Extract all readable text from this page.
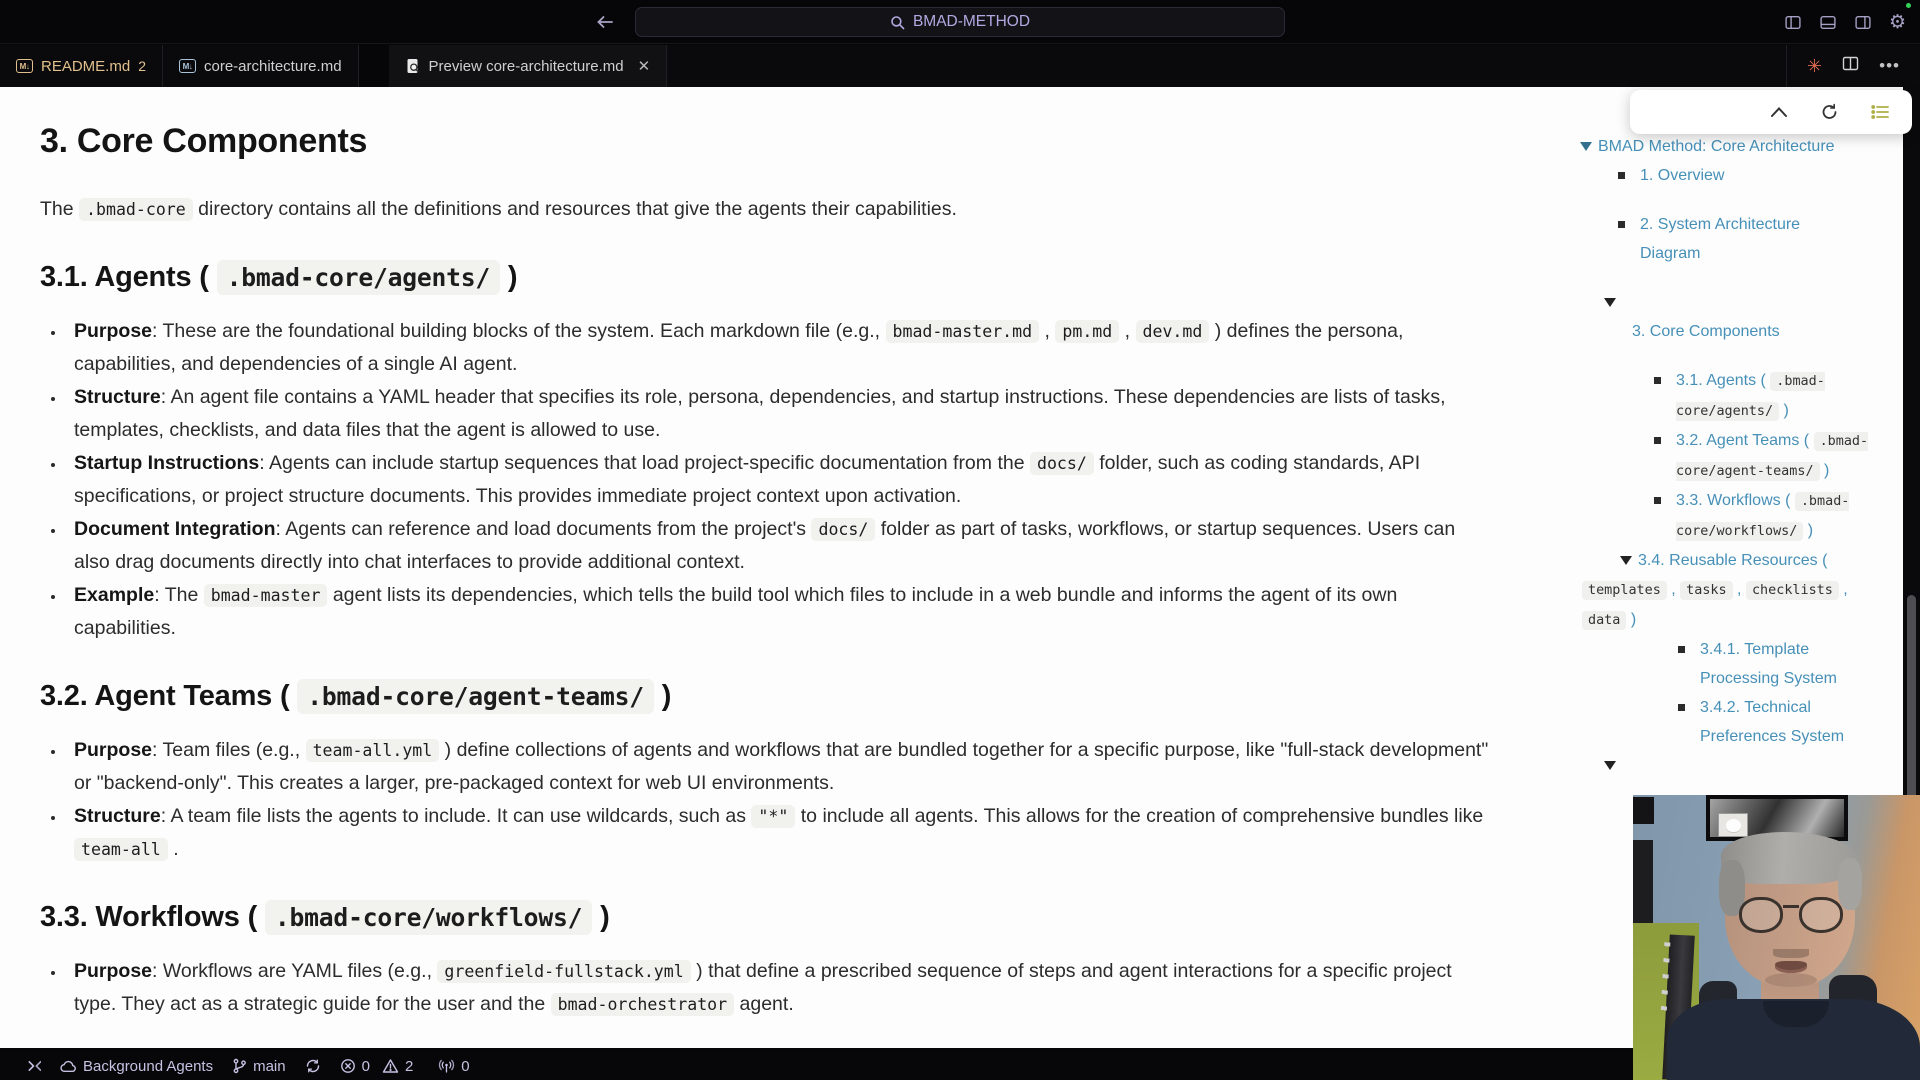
BMAD-METHOD	⚙
M↓ README.md 2	M↓ core-architecture.md	Preview core-architecture.md ✕	✳	•••
3. Core Components

The .bmad-core directory contains all the definitions and resources that give the agents their capabilities.

3.1. Agents ( .bmad-core/agents/ )
• Purpose: These are the foundational building blocks of the system. Each markdown file (e.g., bmad-master.md , pm.md , dev.md ) defines the persona, capabilities, and dependencies of a single AI agent.
• Structure: An agent file contains a YAML header that specifies its role, persona, dependencies, and startup instructions. These dependencies are lists of tasks, templates, checklists, and data files that the agent is allowed to use.
• Startup Instructions: Agents can include startup sequences that load project-specific documentation from the docs/ folder, such as coding standards, API specifications, or project structure documents. This provides immediate project context upon activation.
• Document Integration: Agents can reference and load documents from the project's docs/ folder as part of tasks, workflows, or startup sequences. Users can also drag documents directly into chat interfaces to provide additional context.
• Example: The bmad-master agent lists its dependencies, which tells the build tool which files to include in a web bundle and informs the agent of its own capabilities.
3.2. Agent Teams ( .bmad-core/agent-teams/ )
• Purpose: Team files (e.g., team-all.yml ) define collections of agents and workflows that are bundled together for a specific purpose, like "full-stack development" or "backend-only". This creates a larger, pre-packaged context for web UI environments.
• Structure: A team file lists the agents to include. It can use wildcards, such as "*" to include all agents. This allows for the creation of comprehensive bundles like team-all .
3.3. Workflows ( .bmad-core/workflows/ )
• Purpose: Workflows are YAML files (e.g., greenfield-fullstack.yml ) that define a prescribed sequence of steps and agent interactions for a specific project type. They act as a strategic guide for the user and the bmad-orchestrator agent.
BMAD Method: Core Architecture
1. Overview
2. System Architecture Diagram
3. Core Components
3.1. Agents ( .bmad-core/agents/ )
3.2. Agent Teams ( .bmad-core/agent-teams/ )
3.3. Workflows ( .bmad-core/workflows/ )
3.4. Reusable Resources ( templates , tasks , checklists , data )
3.4.1. Template Processing System
3.4.2. Technical Preferences System
Background Agents	main	0 2	0
